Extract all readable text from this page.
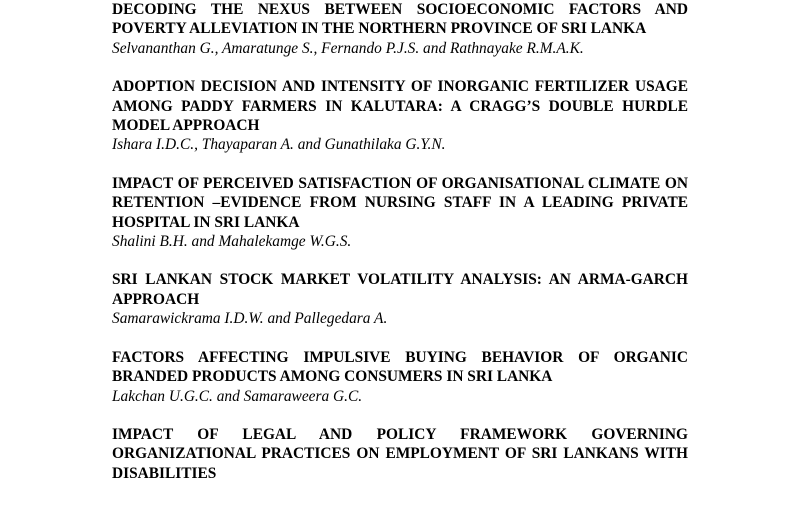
DECODING THE NEXUS BETWEEN SOCIOECONOMIC FACTORS AND POVERTY ALLEVIATION IN THE NORTHERN PROVINCE OF SRI LANKA

Selvananthan G., Amaratunge S., Fernando P.J.S. and Rathnayake R.M.A.K.

ADOPTION DECISION AND INTENSITY OF INORGANIC FERTILIZER USAGE AMONG PADDY FARMERS IN KALUTARA: A CRAGG’S DOUBLE HURDLE MODEL APPROACH

Ishara I.D.C., Thayaparan A. and Gunathilaka G.Y.N.

IMPACT OF PERCEIVED SATISFACTION OF ORGANISATIONAL CLIMATE ON RETENTION –EVIDENCE FROM NURSING STAFF IN A LEADING PRIVATE HOSPITAL IN SRI LANKA

Shalini B.H. and Mahalekamge W.G.S.

SRI LANKAN STOCK MARKET VOLATILITY ANALYSIS: AN ARMA-GARCH APPROACH

Samarawickrama I.D.W. and Pallegedara A.

FACTORS AFFECTING IMPULSIVE BUYING BEHAVIOR OF ORGANIC BRANDED PRODUCTS AMONG CONSUMERS IN SRI LANKA

Lakchan U.G.C. and Samaraweera G.C.

IMPACT OF LEGAL AND POLICY FRAMEWORK GOVERNING ORGANIZATIONAL PRACTICES ON EMPLOYMENT OF SRI LANKANS WITH DISABILITIES
